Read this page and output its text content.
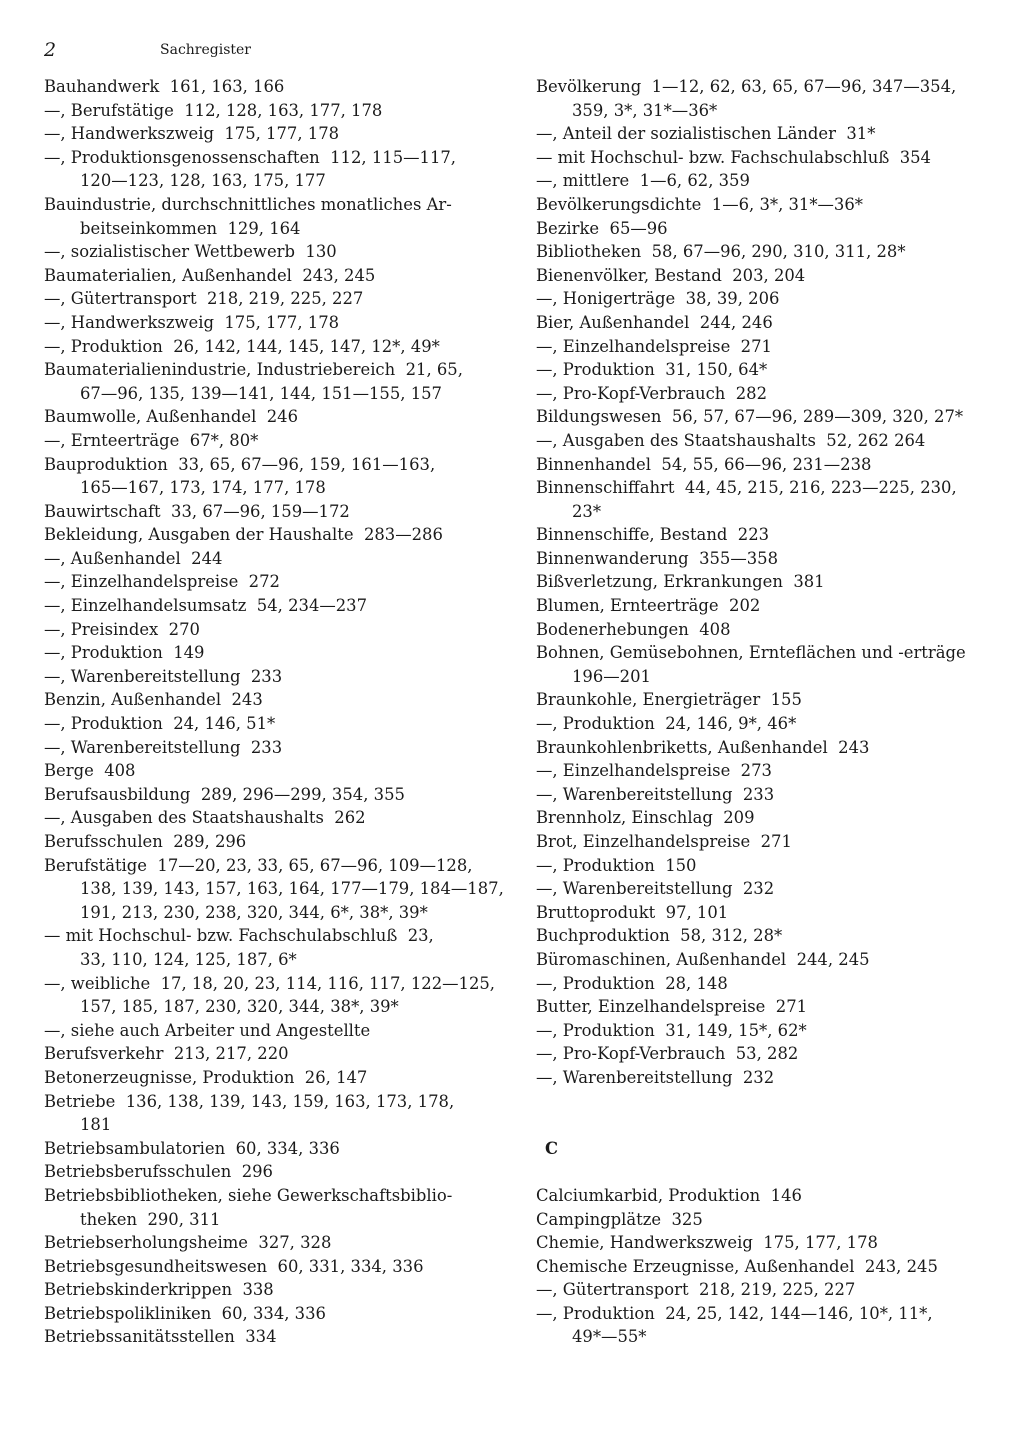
2	Sachregister
Bauhandwerk  161, 163, 166
—, Berufstätige  112, 128, 163, 177, 178
—, Handwerkszweig  175, 177, 178
—, Produktionsgenossenschaften  112, 115—117,
120—123, 128, 163, 175, 177
Bauindustrie, durchschnittliches monatliches Ar-
beitseinkommen  129, 164
—, sozialistischer Wettbewerb  130
Baumaterialien, Außenhandel  243, 245
—, Gütertransport  218, 219, 225, 227
—, Handwerkszweig  175, 177, 178
—, Produktion  26, 142, 144, 145, 147, 12*, 49*
Baumaterialienindustrie, Industriebereich  21, 65,
67—96, 135, 139—141, 144, 151—155, 157
Baumwolle, Außenhandel  246
—, Ernteerträge  67*, 80*
Bauproduktion  33, 65, 67—96, 159, 161—163,
165—167, 173, 174, 177, 178
Bauwirtschaft  33, 67—96, 159—172
Bekleidung, Ausgaben der Haushalte  283—286
—, Außenhandel  244
—, Einzelhandelspreise  272
—, Einzelhandelsumsatz  54, 234—237
—, Preisindex  270
—, Produktion  149
—, Warenbereitstellung  233
Benzin, Außenhandel  243
—, Produktion  24, 146, 51*
—, Warenbereitstellung  233
Berge  408
Berufsausbildung  289, 296—299, 354, 355
—, Ausgaben des Staatshaushalts  262
Berufsschulen  289, 296
Berufstätige  17—20, 23, 33, 65, 67—96, 109—128,
138, 139, 143, 157, 163, 164, 177—179, 184—187,
191, 213, 230, 238, 320, 344, 6*, 38*, 39*
— mit Hochschul- bzw. Fachschulabschluß  23,
33, 110, 124, 125, 187, 6*
—, weibliche  17, 18, 20, 23, 114, 116, 117, 122—125,
157, 185, 187, 230, 320, 344, 38*, 39*
—, siehe auch Arbeiter und Angestellte
Berufsverkehr  213, 217, 220
Betonerzeugnisse, Produktion  26, 147
Betriebe  136, 138, 139, 143, 159, 163, 173, 178,
181
Betriebsambulatorien  60, 334, 336
Betriebsberufsschulen  296
Betriebsbibliotheken, siehe Gewerkschaftsbiblio-
theken  290, 311
Betriebserholungsheime  327, 328
Betriebsgesundheitswesen  60, 331, 334, 336
Betriebskinderkrippen  338
Betriebspolikliniken  60, 334, 336
Betriebssanitätsstellen  334
Bevölkerung  1—12, 62, 63, 65, 67—96, 347—354,
359, 3*, 31*—36*
—, Anteil der sozialistischen Länder  31*
— mit Hochschul- bzw. Fachschulabschluß  354
—, mittlere  1—6, 62, 359
Bevölkerungsdichte  1—6, 3*, 31*—36*
Bezirke  65—96
Bibliotheken  58, 67—96, 290, 310, 311, 28*
Bienenvölker, Bestand  203, 204
—, Honigerträge  38, 39, 206
Bier, Außenhandel  244, 246
—, Einzelhandelspreise  271
—, Produktion  31, 150, 64*
—, Pro-Kopf-Verbrauch  282
Bildungswesen  56, 57, 67—96, 289—309, 320, 27*
—, Ausgaben des Staatshaushalts  52, 262 264
Binnenhandel  54, 55, 66—96, 231—238
Binnenschiffahrt  44, 45, 215, 216, 223—225, 230,
23*
Binnenschiffe, Bestand  223
Binnenwanderung  355—358
Bißverletzung, Erkrankungen  381
Blumen, Ernteerträge  202
Bodenerhebungen  408
Bohnen, Gemüsebohnen, Ernteflächen und -erträge
196—201
Braunkohle, Energieträger  155
—, Produktion  24, 146, 9*, 46*
Braunkohlenbriketts, Außenhandel  243
—, Einzelhandelspreise  273
—, Warenbereitstellung  233
Brennholz, Einschlag  209
Brot, Einzelhandelspreise  271
—, Produktion  150
—, Warenbereitstellung  232
Bruttoprodukt  97, 101
Buchproduktion  58, 312, 28*
Büromaschinen, Außenhandel  244, 245
—, Produktion  28, 148
Butter, Einzelhandelspreise  271
—, Produktion  31, 149, 15*, 62*
—, Pro-Kopf-Verbrauch  53, 282
—, Warenbereitstellung  232
C
Calciumkarbid, Produktion  146
Campingplätze  325
Chemie, Handwerkszweig  175, 177, 178
Chemische Erzeugnisse, Außenhandel  243, 245
—, Gütertransport  218, 219, 225, 227
—, Produktion  24, 25, 142, 144—146, 10*, 11*,
49*—55*
